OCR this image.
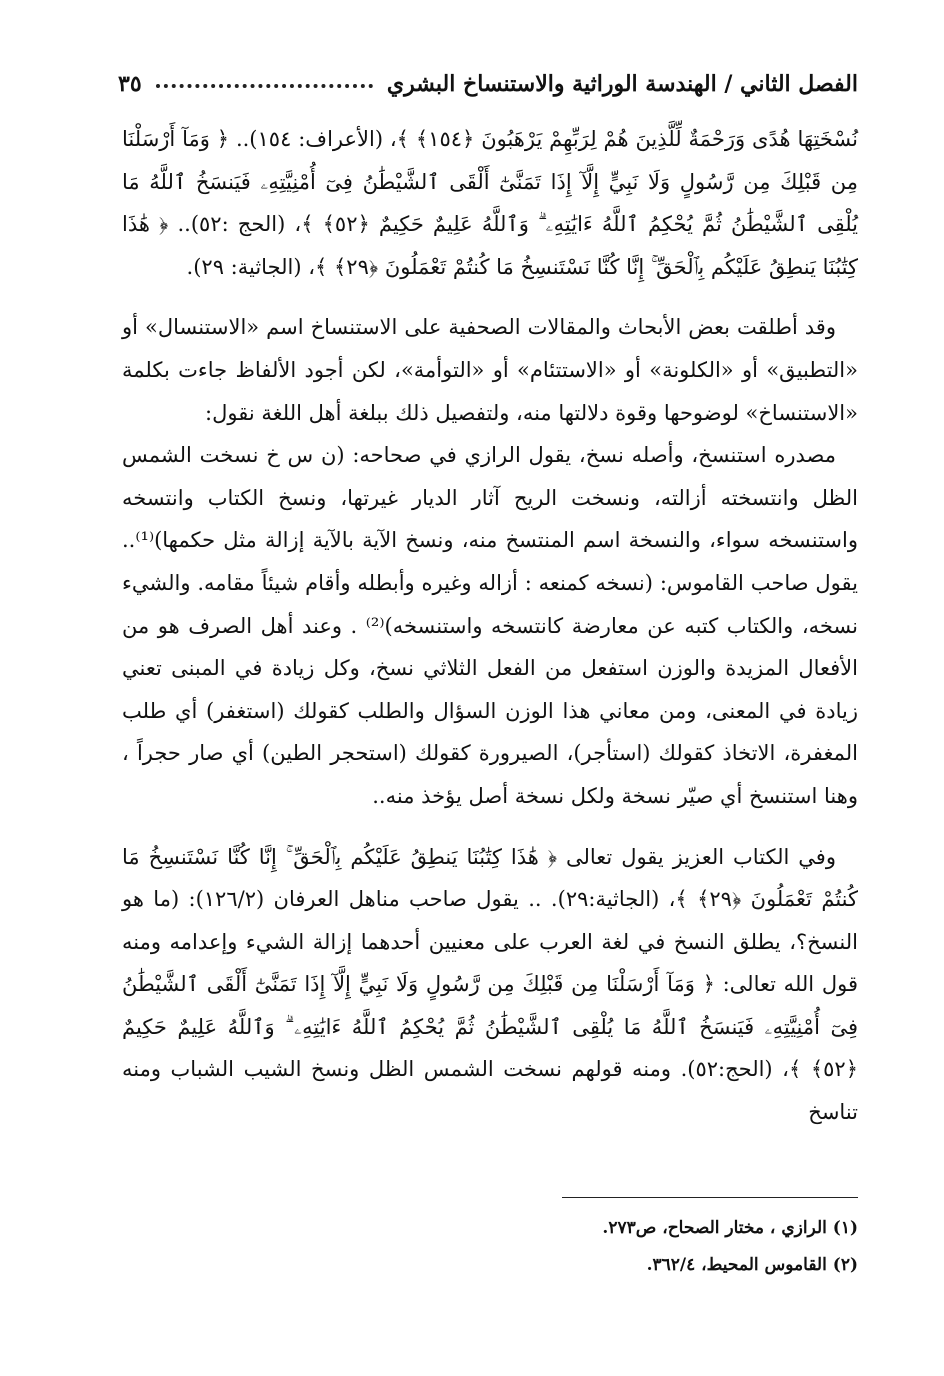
الفصل الثاني / الهندسة الوراثية والاستنساخ البشري
٣٥

نُسْخَتِهَا هُدًى وَرَحْمَةٌ لِّلَّذِينَ هُمْ لِرَبِّهِمْ يَرْهَبُونَ ﴿١٥٤﴾ ﴾، (الأعراف: ١٥٤).. ﴿ وَمَآ أَرْسَلْنَا مِن قَبْلِكَ مِن رَّسُولٍ وَلَا نَبِيٍّ إِلَّآ إِذَا تَمَنَّىٰٓ أَلْقَى ٱلشَّيْطَٰنُ فِىٓ أُمْنِيَّتِهِۦ فَيَنسَخُ ٱللَّهُ مَا يُلْقِى ٱلشَّيْطَٰنُ ثُمَّ يُحْكِمُ ٱللَّهُ ءَايَٰتِهِۦ ۗ وَٱللَّهُ عَلِيمٌ حَكِيمٌ ﴿٥٢﴾ ﴾، (الحج :٥٢).. ﴿ هَٰذَا كِتَٰبُنَا يَنطِقُ عَلَيْكُم بِٱلْحَقِّ ۚ إِنَّا كُنَّا نَسْتَنسِخُ مَا كُنتُمْ تَعْمَلُونَ ﴿٢٩﴾ ﴾، (الجاثية: ٢٩).

وقد أطلقت بعض الأبحاث والمقالات الصحفية على الاستنساخ اسم «الاستنسال» أو «التطبيق» أو «الكلونة» أو «الاستتئام» أو «التوأمة»، لكن أجود الألفاظ جاءت بكلمة «الاستنساخ» لوضوحها وقوة دلالتها منه، ولتفصيل ذلك ببلغة أهل اللغة نقول:

مصدره استنسخ، وأصله نسخ، يقول الرازي في صحاحه: (ن س خ نسخت الشمس الظل وانتسخته أزالته، ونسخت الريح آثار الديار غيرتها، ونسخ الكتاب وانتسخه واستنسخه سواء، والنسخة اسم المنتسخ منه، ونسخ الآية بالآية إزالة مثل حكمها)⁽¹⁾.. يقول صاحب القاموس: (نسخه كمنعه : أزاله وغيره وأبطله وأقام شيئاً مقامه. والشيء نسخه، والكتاب كتبه عن معارضة كانتسخه واستنسخه)⁽²⁾ . وعند أهل الصرف هو من الأفعال المزيدة والوزن استفعل من الفعل الثلاثي نسخ، وكل زيادة في المبنى تعني زيادة في المعنى، ومن معاني هذا الوزن السؤال والطلب كقولك (استغفر) أي طلب المغفرة، الاتخاذ كقولك (استأجر)، الصيرورة كقولك (استحجر الطين) أي صار حجراً ، وهنا استنسخ أي صيّر نسخة ولكل نسخة أصل يؤخذ منه..

وفي الكتاب العزيز يقول تعالى ﴿ هَٰذَا كِتَٰبُنَا يَنطِقُ عَلَيْكُم بِٱلْحَقِّ ۚ إِنَّا كُنَّا نَسْتَنسِخُ مَا كُنتُمْ تَعْمَلُونَ ﴿٢٩﴾ ﴾، (الجاثية:٢٩). .. يقول صاحب مناهل العرفان (١٢٦/٢): (ما هو النسخ؟، يطلق النسخ في لغة العرب على معنيين أحدهما إزالة الشيء وإعدامه ومنه قول الله تعالى: ﴿ وَمَآ أَرْسَلْنَا مِن قَبْلِكَ مِن رَّسُولٍ وَلَا نَبِيٍّ إِلَّآ إِذَا تَمَنَّىٰٓ أَلْقَى ٱلشَّيْطَٰنُ فِىٓ أُمْنِيَّتِهِۦ فَيَنسَخُ ٱللَّهُ مَا يُلْقِى ٱلشَّيْطَٰنُ ثُمَّ يُحْكِمُ ٱللَّهُ ءَايَٰتِهِۦ ۗ وَٱللَّهُ عَلِيمٌ حَكِيمٌ ﴿٥٢﴾ ﴾، (الحج:٥٢). ومنه قولهم نسخت الشمس الظل ونسخ الشيب الشباب ومنه تناسخ

(١) الرازي ، مختار الصحاح، ص٢٧٣.
(٢) القاموس المحيط، ٣٦٢/٤.
